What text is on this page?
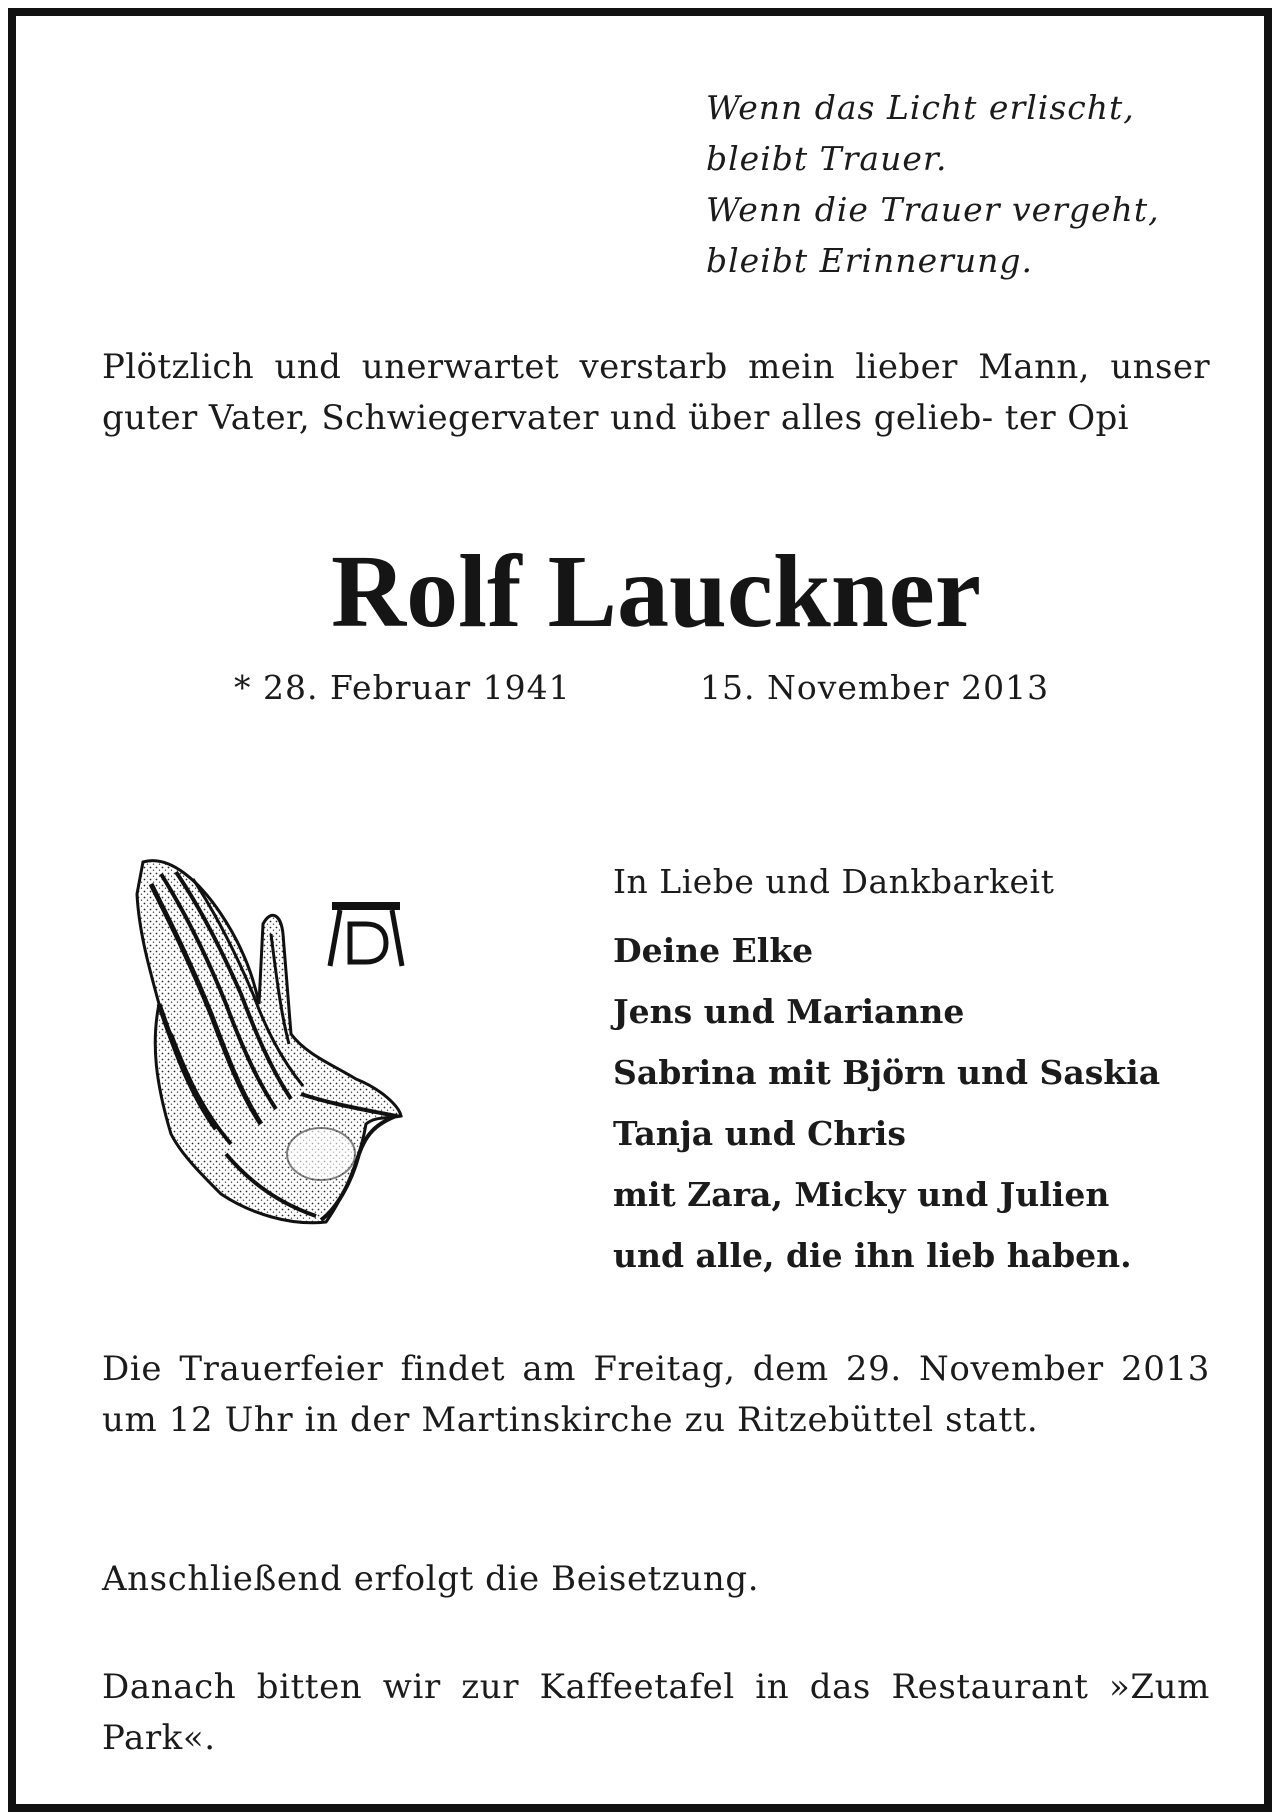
Wenn das Licht erlischt,
bleibt Trauer.
Wenn die Trauer vergeht,
bleibt Erinnerung.
Plötzlich und unerwartet verstarb mein lieber Mann, unser guter Vater, Schwiegervater und über alles gelieb- ter Opi
Rolf Lauckner
* 28. Februar 1941	15. November 2013
In Liebe und Dankbarkeit
Deine Elke
Jens und Marianne
Sabrina mit Björn und Saskia
Tanja und Chris
mit Zara, Micky und Julien
und alle, die ihn lieb haben.
Die Trauerfeier findet am Freitag, dem 29. November 2013 um 12 Uhr in der Martinskirche zu Ritzebüttel statt.
Anschließend erfolgt die Beisetzung.
Danach bitten wir zur Kaffeetafel in das Restaurant »Zum Park«.
